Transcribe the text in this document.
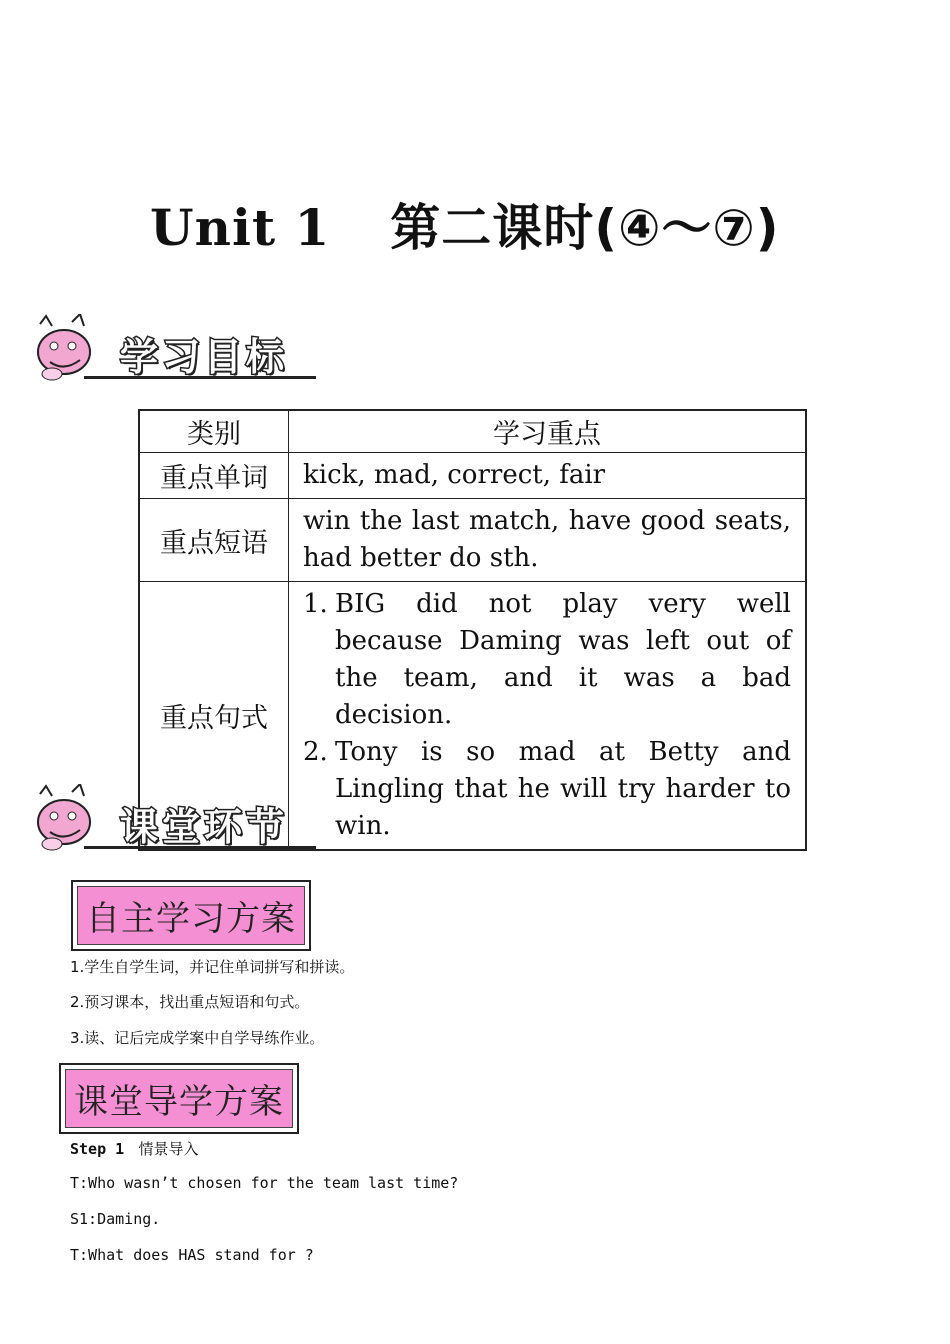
Unit 1 第二课时(④～⑦)
学习目标
类别	学习重点
重点单词	kick, mad, correct, fair
重点短语	win the last match, have good seats, had better do sth.
重点句式	1. BIG did not play very well because Daming was left out of the team, and it was a bad decision.
2. Tony is so mad at Betty and Lingling that he will try harder to win.
课堂环节
自主学习方案
1.学生自学生词，并记住单词拼写和拼读。
2.预习课本，找出重点短语和句式。
3.读、记后完成学案中自学导练作业。
课堂导学方案
Step 1 情景导入
T:Who wasn’t chosen for the team last time?
S1:Daming.
T:What does HAS stand for ?
